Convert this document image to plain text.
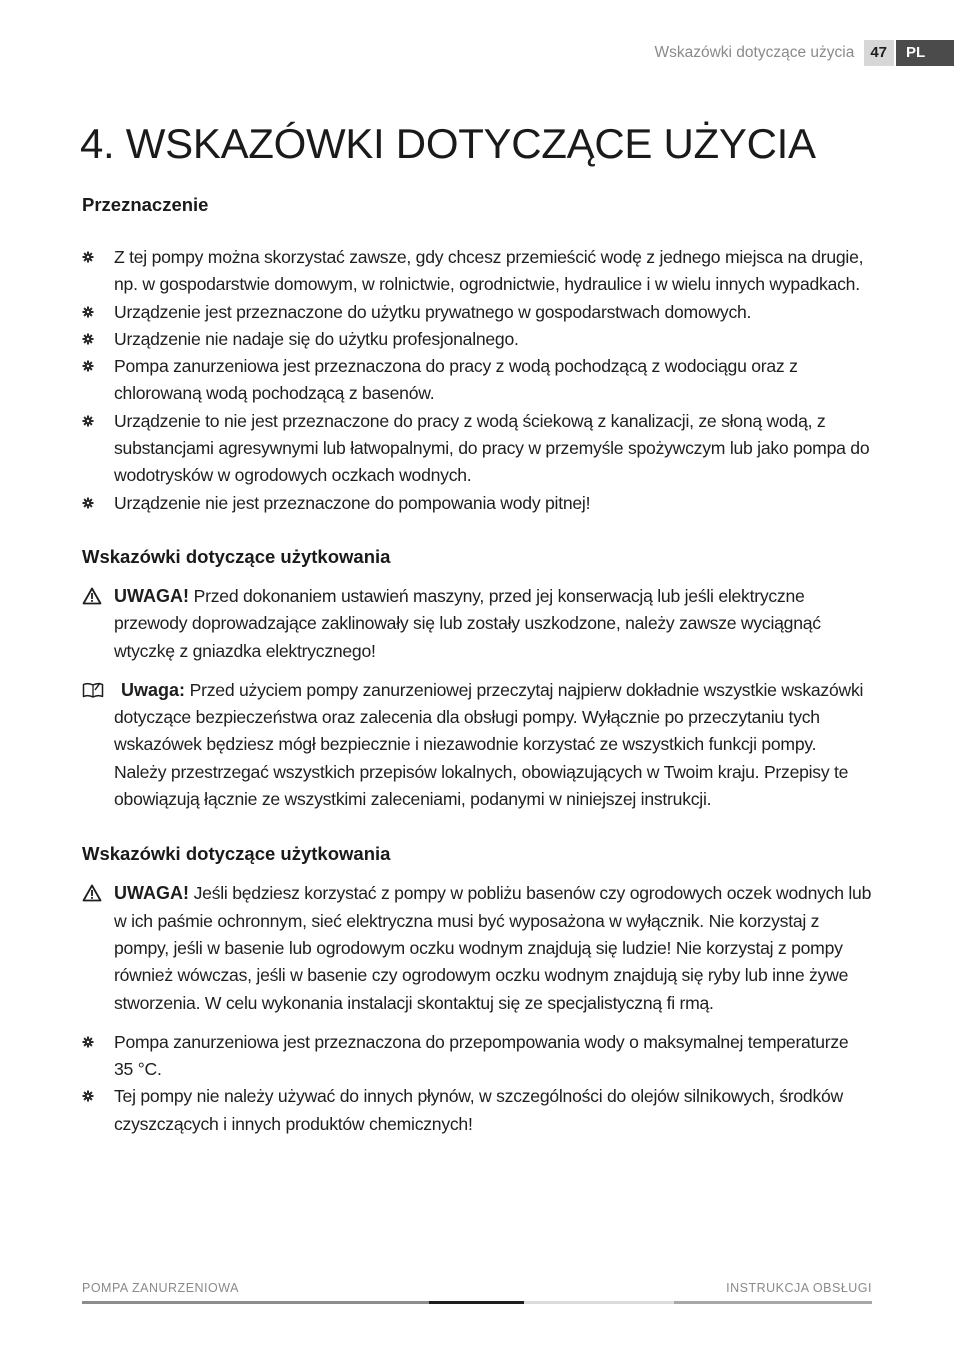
Wskazówki dotyczące użycia	47	PL
4. WSKAZÓWKI DOTYCZĄCE UŻYCIA
Przeznaczenie
Z tej pompy można skorzystać zawsze, gdy chcesz przemieścić wodę z jednego miejsca na drugie, np. w gospodarstwie domowym, w rolnictwie, ogrodnictwie, hydraulice i w wielu innych wypadkach.
Urządzenie jest przeznaczone do użytku prywatnego w gospodarstwach domowych.
Urządzenie nie nadaje się do użytku profesjonalnego.
Pompa zanurzeniowa jest przeznaczona do pracy z wodą pochodzącą z wodociągu oraz z chlorowaną wodą pochodzącą z basenów.
Urządzenie to nie jest przeznaczone do pracy z wodą ściekową z kanalizacji, ze słoną wodą, z substancjami agresywnymi lub łatwopalnymi, do pracy w przemyśle spożywczym lub jako pompa do wodotrysków w ogrodowych oczkach wodnych.
Urządzenie nie jest przeznaczone do pompowania wody pitnej!
Wskazówki dotyczące użytkowania
UWAGA! Przed dokonaniem ustawień maszyny, przed jej konserwacją lub jeśli elektryczne przewody doprowadzające zaklinowały się lub zostały uszkodzone, należy zawsze wyciągnąć wtyczkę z gniazdka elektrycznego!
Uwaga: Przed użyciem pompy zanurzeniowej przeczytaj najpierw dokładnie wszystkie wskazówki dotyczące bezpieczeństwa oraz zalecenia dla obsługi pompy. Wyłącznie po przeczytaniu tych wskazówek będziesz mógł bezpiecznie i niezawodnie korzystać ze wszystkich funkcji pompy. Należy przestrzegać wszystkich przepisów lokalnych, obowiązujących w Twoim kraju. Przepisy te obowiązują łącznie ze wszystkimi zaleceniami, podanymi w niniejszej instrukcji.
Wskazówki dotyczące użytkowania
UWAGA! Jeśli będziesz korzystać z pompy w pobliżu basenów czy ogrodowych oczek wodnych lub w ich paśmie ochronnym, sieć elektryczna musi być wyposażona w wyłącznik. Nie korzystaj z pompy, jeśli w basenie lub ogrodowym oczku wodnym znajdują się ludzie! Nie korzystaj z pompy również wówczas, jeśli w basenie czy ogrodowym oczku wodnym znajdują się ryby lub inne żywe stworzenia. W celu wykonania instalacji skontaktuj się ze specjalistyczną fi rmą.
Pompa zanurzeniowa jest przeznaczona do przepompowania wody o maksymalnej temperaturze 35 °C.
Tej pompy nie należy używać do innych płynów, w szczególności do olejów silnikowych, środków czyszczących i innych produktów chemicznych!
POMPA ZANURZENIOWA	INSTRUKCJA OBSŁUGI
